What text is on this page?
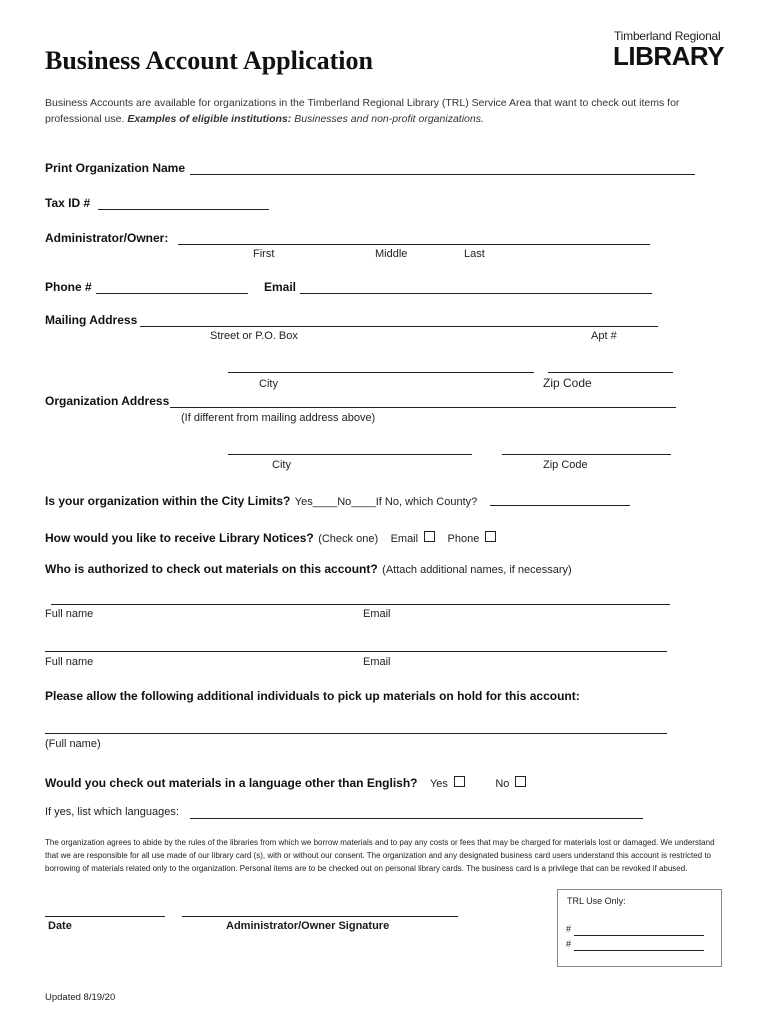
Business Account Application
Timberland Regional
LIBRARY
Business Accounts are available for organizations in the Timberland Regional Library (TRL) Service Area that want to check out items for professional use. Examples of eligible institutions: Businesses and non-profit organizations.
Print Organization Name
Tax ID #
Administrator/Owner:
First	Middle	Last
Phone #	Email
Mailing Address
Street or P.O. Box	Apt #
City	Zip Code
Organization Address
(If different from mailing address above)
City	Zip Code
Is your organization within the City Limits? Yes____No____If No, which County?
How would you like to receive Library Notices? (Check one) Email	Phone
Who is authorized to check out materials on this account? (Attach additional names, if necessary)
Full name	Email
Full name	Email
Please allow the following additional individuals to pick up materials on hold for this account:
(Full name)
Would you check out materials in a language other than English? Yes	No
If yes, list which languages:
The organization agrees to abide by the rules of the libraries from which we borrow materials and to pay any costs or fees that may be charged for materials lost or damaged. We understand that we are responsible for all use made of our library card (s), with or without our consent. The organization and any designated business card users understand this account is restricted to borrowing of materials related only to the organization. Personal items are to be checked out on personal library cards. The business card is a privilege that can be revoked if abused.
Date	Administrator/Owner Signature
TRL Use Only:
#
#
Updated 8/19/20
